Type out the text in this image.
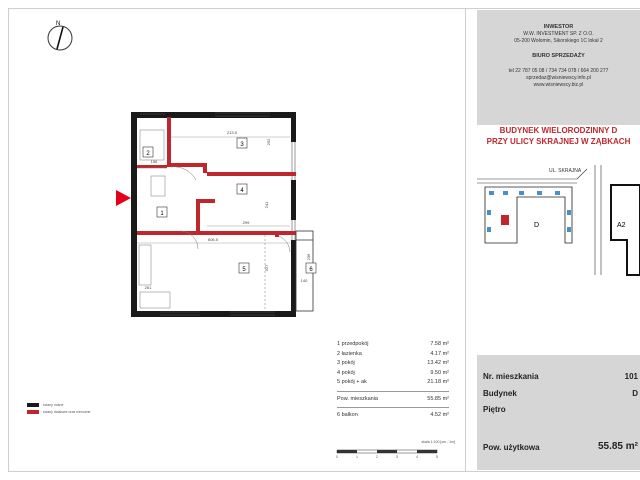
N
2
3
4
1
5	6
213.5
252
156
299
241
606.5
327
261
140
236
1 przedpokój	7.58 m²
2 łazienka	4.17 m²
3 pokój	13.42 m²
4 pokój	9.50 m²
5 pokój + ak	21.18 m²
Pow. mieszkania	55.85 m²
6 balkon	4.52 m²
ściany nośne
ściany działowe oraz nienośne
skala 1:100 [cm - 1m]
0	1	2	3	4	5
INWESTOR
W.W. INVESTMENT SP. Z O.O.
05-200 Wołomin, Sikorskiego 1C lokal 2
BIURO SPRZEDAŻY
tel 22 787 05 08 / 734 734 078 / 664 200 277
sprzedaz@wisniewscy.info.pl
www.wisniewscy.biz.pl
BUDYNEK WIELORODZINNY D
PRZY ULICY SKRAJNEJ W ZĄBKACH
UL. SKRAJNA
D	A2
Nr. mieszkania	101
Budynek	D
Piętro
Pow. użytkowa	55.85 m²
